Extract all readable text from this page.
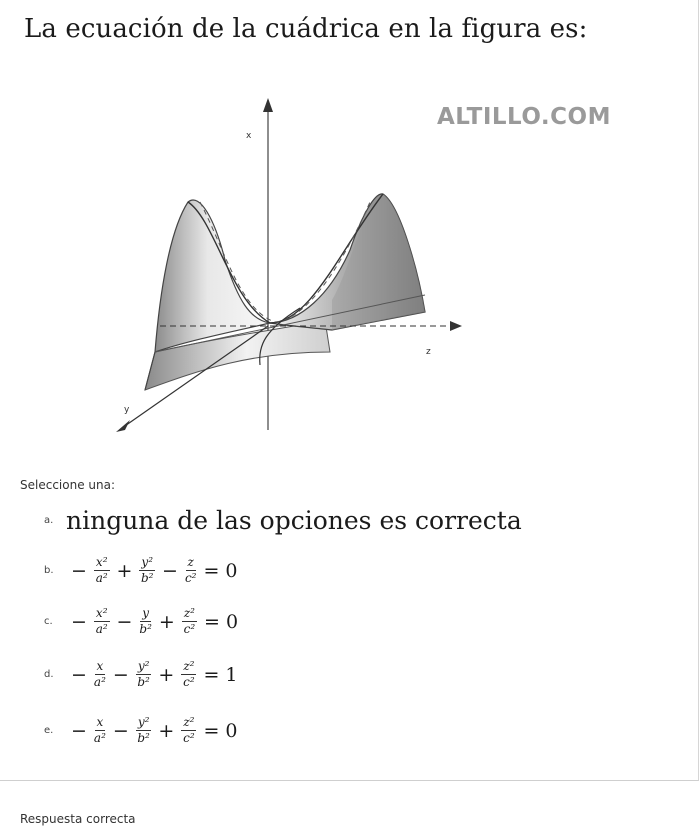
La ecuación de la cuádrica en la figura es:
ALTILLO.COM
x
z
y
Seleccione una:
a. ninguna de las opciones es correcta
b. − $\frac{\text{x²}}{\text{a²}} + \frac{\text{y²}}{\text{b²}} - \frac{z}{\text{c²}} = 0$
c. − $\frac{\text{x²}}{\text{a²}} - \frac{y}{\text{b²}} + \frac{\text{z²}}{\text{c²}} = 0$
d. − $\frac{x}{\text{a²}} - \frac{\text{y²}}{\text{b²}} + \frac{\text{z²}}{\text{c²}} = 1$
e. − $\frac{x}{\text{a²}} - \frac{\text{y²}}{\text{b²}} + \frac{\text{z²}}{\text{c²}} = 0$
Respuesta correcta
